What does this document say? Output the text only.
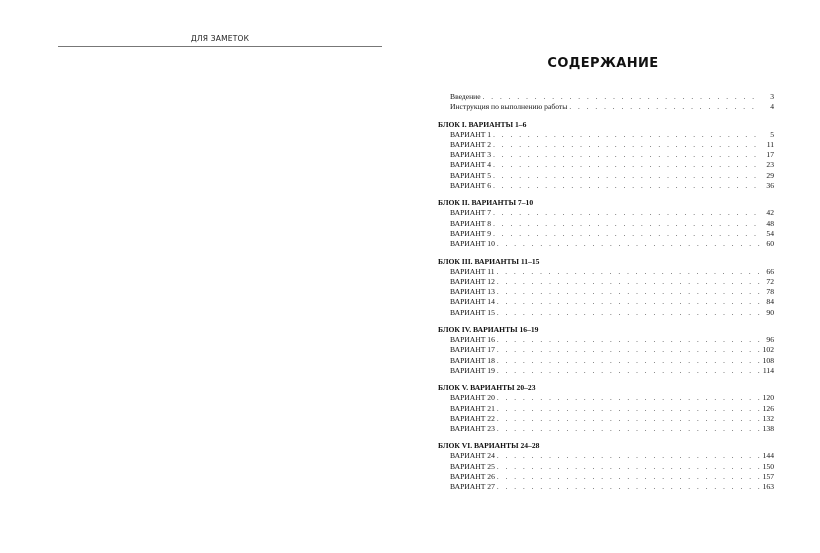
ДЛЯ ЗАМЕТОК
СОДЕРЖАНИЕ
Введение . . .	3
Инструкция по выполнению работы . . .	4
БЛОК I. ВАРИАНТЫ 1–6
ВАРИАНТ 1 . . .	5
ВАРИАНТ 2 . . .	11
ВАРИАНТ 3 . . .	17
ВАРИАНТ 4 . . .	23
ВАРИАНТ 5 . . .	29
ВАРИАНТ 6 . . .	36
БЛОК II. ВАРИАНТЫ 7–10
ВАРИАНТ 7 . . .	42
ВАРИАНТ 8 . . .	48
ВАРИАНТ 9 . . .	54
ВАРИАНТ 10 . . .	60
БЛОК III. ВАРИАНТЫ 11–15
ВАРИАНТ 11 . . .	66
ВАРИАНТ 12 . . .	72
ВАРИАНТ 13 . . .	78
ВАРИАНТ 14 . . .	84
ВАРИАНТ 15 . . .	90
БЛОК IV. ВАРИАНТЫ 16–19
ВАРИАНТ 16 . . .	96
ВАРИАНТ 17 . . .	102
ВАРИАНТ 18 . . .	108
ВАРИАНТ 19 . . .	114
БЛОК V. ВАРИАНТЫ 20–23
ВАРИАНТ 20 . . .	120
ВАРИАНТ 21 . . .	126
ВАРИАНТ 22 . . .	132
ВАРИАНТ 23 . . .	138
БЛОК VI. ВАРИАНТЫ 24–28
ВАРИАНТ 24 . . .	144
ВАРИАНТ 25 . . .	150
ВАРИАНТ 26 . . .	157
ВАРИАНТ 27 . . .	163
